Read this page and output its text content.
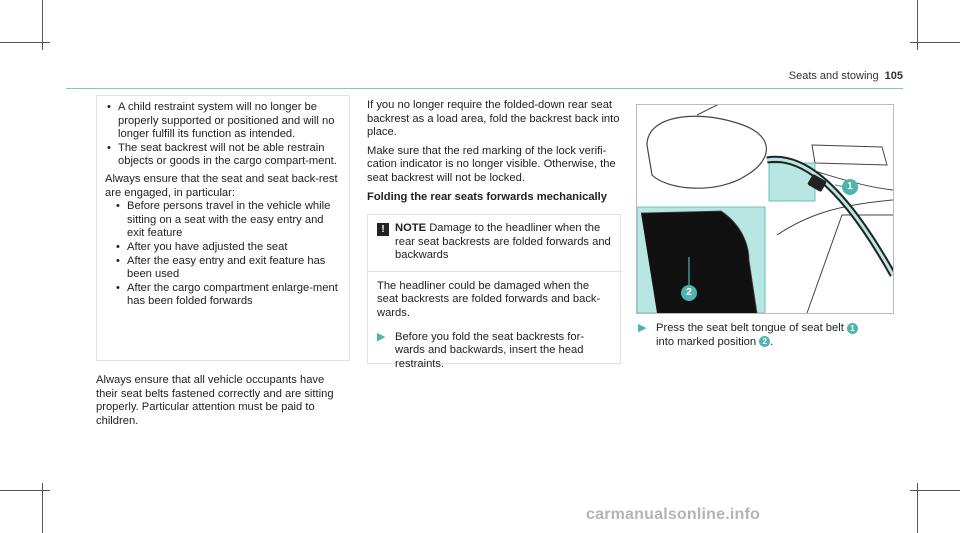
Seats and stowing 105
• A child restraint system will no longer be properly supported or positioned and will no longer fulfill its function as intended.
• The seat backrest will not be able restrain objects or goods in the cargo compart-ment.

Always ensure that the seat and seat back-rest are engaged, in particular:

• Before persons travel in the vehicle while sitting on a seat with the easy entry and exit feature
• After you have adjusted the seat
• After the easy entry and exit feature has been used
• After the cargo compartment enlarge-ment has been folded forwards

Always ensure that all vehicle occupants have their seat belts fastened correctly and are sitting properly. Particular attention must be paid to children.

If you no longer require the folded-down rear seat backrest as a load area, fold the backrest back into place.

Make sure that the red marking of the lock verifi-cation indicator is no longer visible. Otherwise, the seat backrest will not be locked.

Folding the rear seats forwards mechanically
! NOTE Damage to the headliner when the rear seat backrests are folded forwards and backwards

The headliner could be damaged when the seat backrests are folded forwards and back-wards.

▶ Before you fold the seat backrests for-wards and backwards, insert the head restraints.

1
2
▶ Press the seat belt tongue of seat belt 1
into marked position 2 .

carmanualsonline.info
